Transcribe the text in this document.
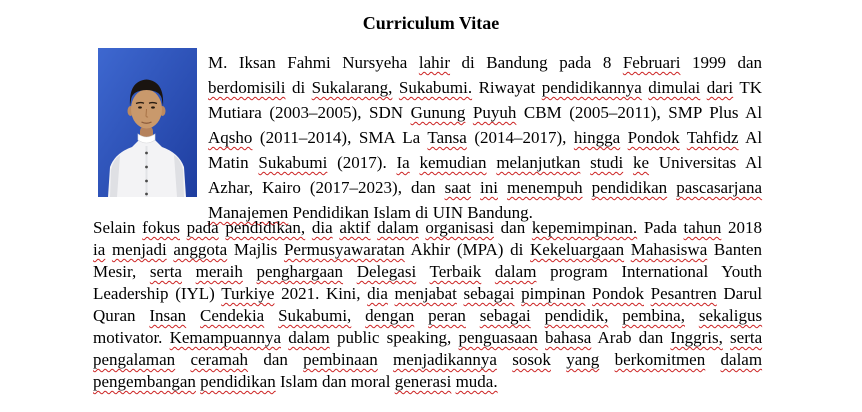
Curriculum Vitae
M. Iksan Fahmi Nursyeha lahir di Bandung pada 8 Februari 1999 dan
berdomisili di Sukalarang, Sukabumi. Riwayat pendidikannya dimulai dari TK
Mutiara (2003–2005), SDN Gunung Puyuh CBM (2005–2011), SMP Plus Al
Aqsho (2011–2014), SMA La Tansa (2014–2017), hingga Pondok Tahfidz Al
Matin Sukabumi (2017). Ia kemudian melanjutkan studi ke Universitas Al
Azhar, Kairo (2017–2023), dan saat ini menempuh pendidikan pascasarjana
Manajemen Pendidikan Islam di UIN Bandung.
Selain fokus pada pendidikan, dia aktif dalam organisasi dan kepemimpinan. Pada tahun 2018
ia menjadi anggota Majlis Permusyawaratan Akhir (MPA) di Kekeluargaan Mahasiswa Banten
Mesir, serta meraih penghargaan Delegasi Terbaik dalam program International Youth
Leadership (IYL) Turkiye 2021. Kini, dia menjabat sebagai pimpinan Pondok Pesantren Darul
Quran Insan Cendekia Sukabumi, dengan peran sebagai pendidik, pembina, sekaligus
motivator. Kemampuannya dalam public speaking, penguasaan bahasa Arab dan Inggris, serta
pengalaman ceramah dan pembinaan menjadikannya sosok yang berkomitmen dalam
pengembangan pendidikan Islam dan moral generasi muda.
